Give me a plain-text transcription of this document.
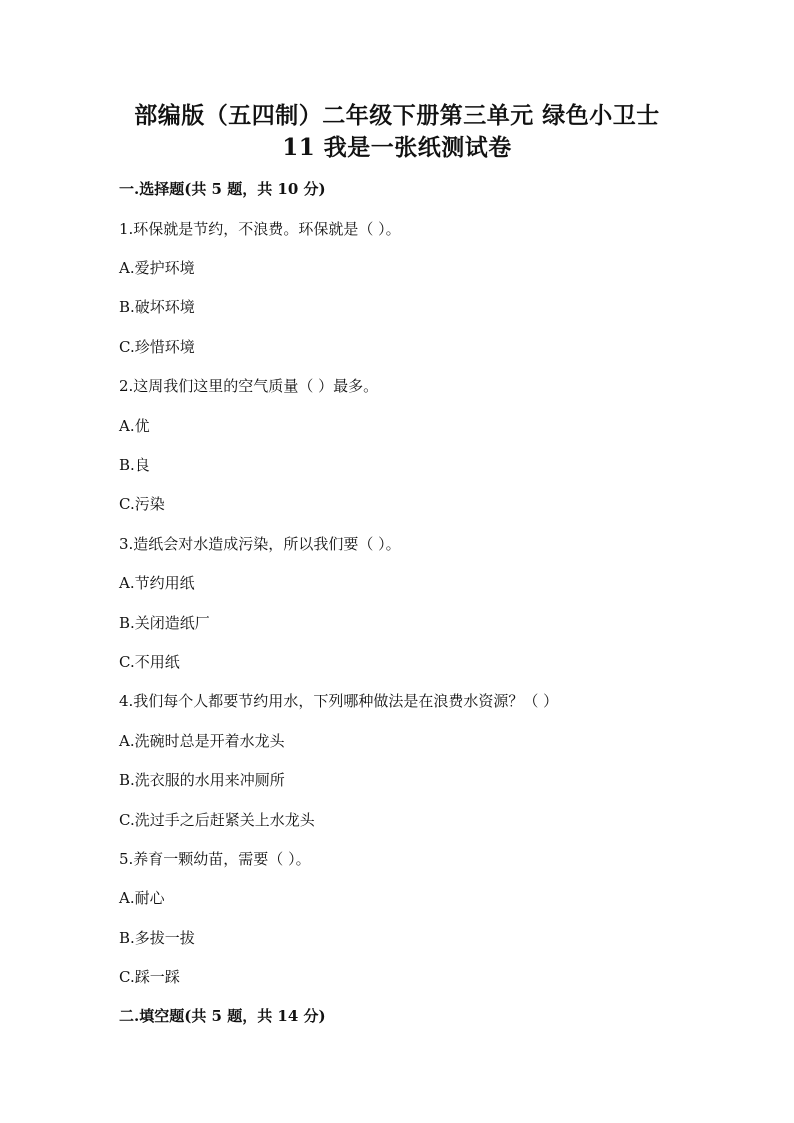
部编版（五四制）二年级下册第三单元 绿色小卫士
11 我是一张纸测试卷
一.选择题(共 5 题，共 10 分)
1.环保就是节约，不浪费。环保就是（ ）。
A.爱护环境
B.破坏环境
C.珍惜环境
2.这周我们这里的空气质量（ ）最多。
A.优
B.良
C.污染
3.造纸会对水造成污染，所以我们要（ ）。
A.节约用纸
B.关闭造纸厂
C.不用纸
4.我们每个人都要节约用水，下列哪种做法是在浪费水资源？（ ）
A.洗碗时总是开着水龙头
B.洗衣服的水用来冲厕所
C.洗过手之后赶紧关上水龙头
5.养育一颗幼苗，需要（ ）。
A.耐心
B.多拔一拔
C.踩一踩
二.填空题(共 5 题，共 14 分)
